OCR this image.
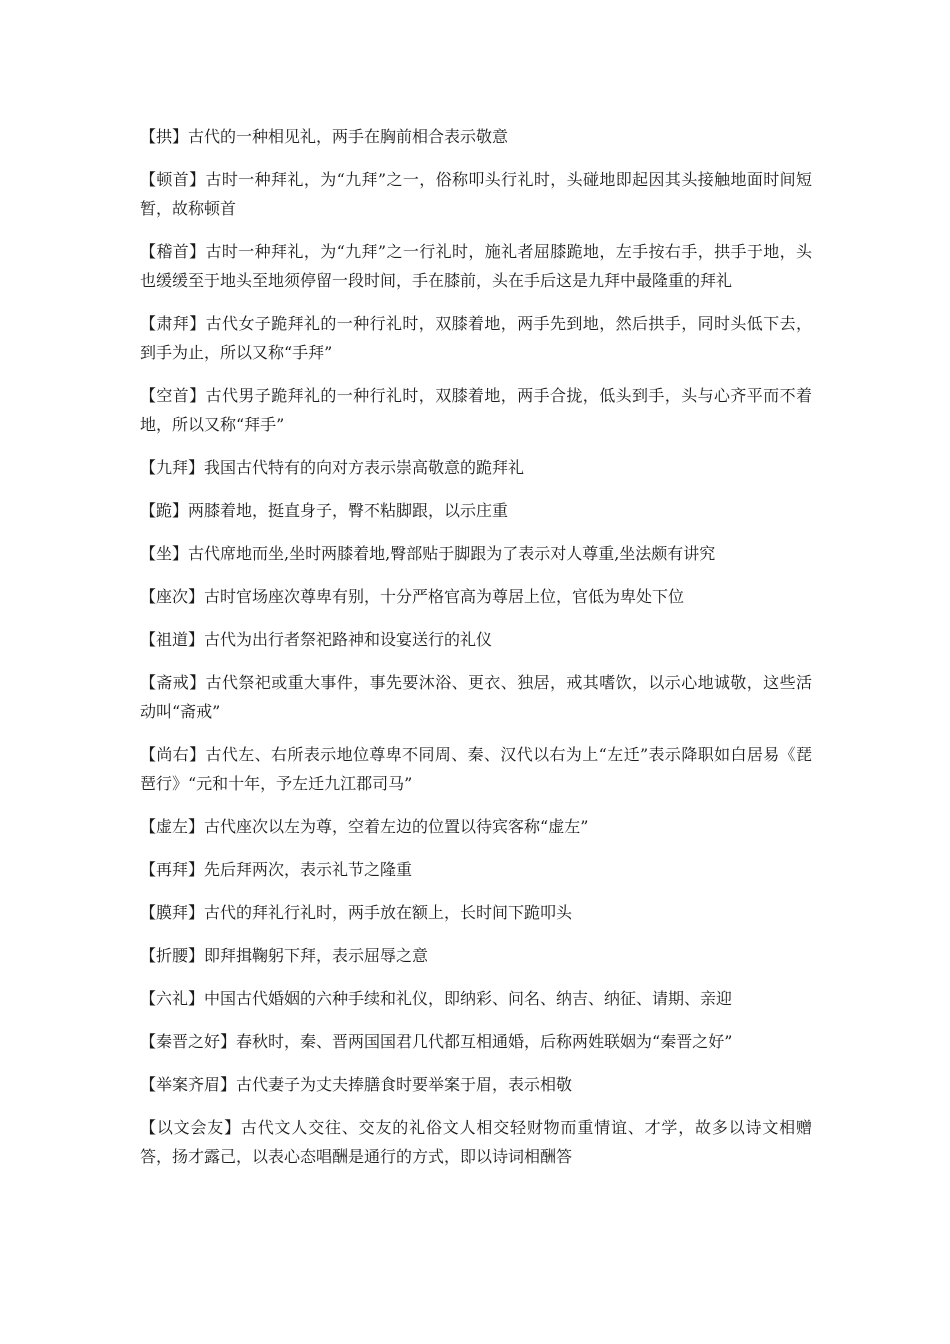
【拱】古代的一种相见礼，两手在胸前相合表示敬意

【顿首】古时一种拜礼，为“九拜”之一，俗称叩头行礼时，头碰地即起因其头接触地面时间短暂，故称顿首

【稽首】古时一种拜礼，为“九拜”之一行礼时，施礼者屈膝跪地，左手按右手，拱手于地，头也缓缓至于地头至地须停留一段时间，手在膝前，头在手后这是九拜中最隆重的拜礼

【肃拜】古代女子跪拜礼的一种行礼时，双膝着地，两手先到地，然后拱手，同时头低下去，到手为止，所以又称“手拜”

【空首】古代男子跪拜礼的一种行礼时，双膝着地，两手合拢，低头到手，头与心齐平而不着地，所以又称“拜手”

【九拜】我国古代特有的向对方表示崇高敬意的跪拜礼

【跪】两膝着地，挺直身子，臀不粘脚跟，以示庄重

【坐】古代席地而坐,坐时两膝着地,臀部贴于脚跟为了表示对人尊重,坐法颇有讲究

【座次】古时官场座次尊卑有别，十分严格官高为尊居上位，官低为卑处下位

【祖道】古代为出行者祭祀路神和设宴送行的礼仪

【斋戒】古代祭祀或重大事件，事先要沐浴、更衣、独居，戒其嗜饮，以示心地诚敬，这些活动叫“斋戒”

【尚右】古代左、右所表示地位尊卑不同周、秦、汉代以右为上“左迁”表示降职如白居易《琵琶行》“元和十年，予左迁九江郡司马”

【虚左】古代座次以左为尊，空着左边的位置以待宾客称“虚左”

【再拜】先后拜两次，表示礼节之隆重

【膜拜】古代的拜礼行礼时，两手放在额上，长时间下跪叩头

【折腰】即拜揖鞠躬下拜，表示屈辱之意

【六礼】中国古代婚姻的六种手续和礼仪，即纳彩、问名、纳吉、纳征、请期、亲迎

【秦晋之好】春秋时，秦、晋两国国君几代都互相通婚，后称两姓联姻为“秦晋之好”

【举案齐眉】古代妻子为丈夫捧膳食时要举案于眉，表示相敬

【以文会友】古代文人交往、交友的礼俗文人相交轻财物而重情谊、才学，故多以诗文相赠答，扬才露己，以表心态唱酬是通行的方式，即以诗词相酬答
